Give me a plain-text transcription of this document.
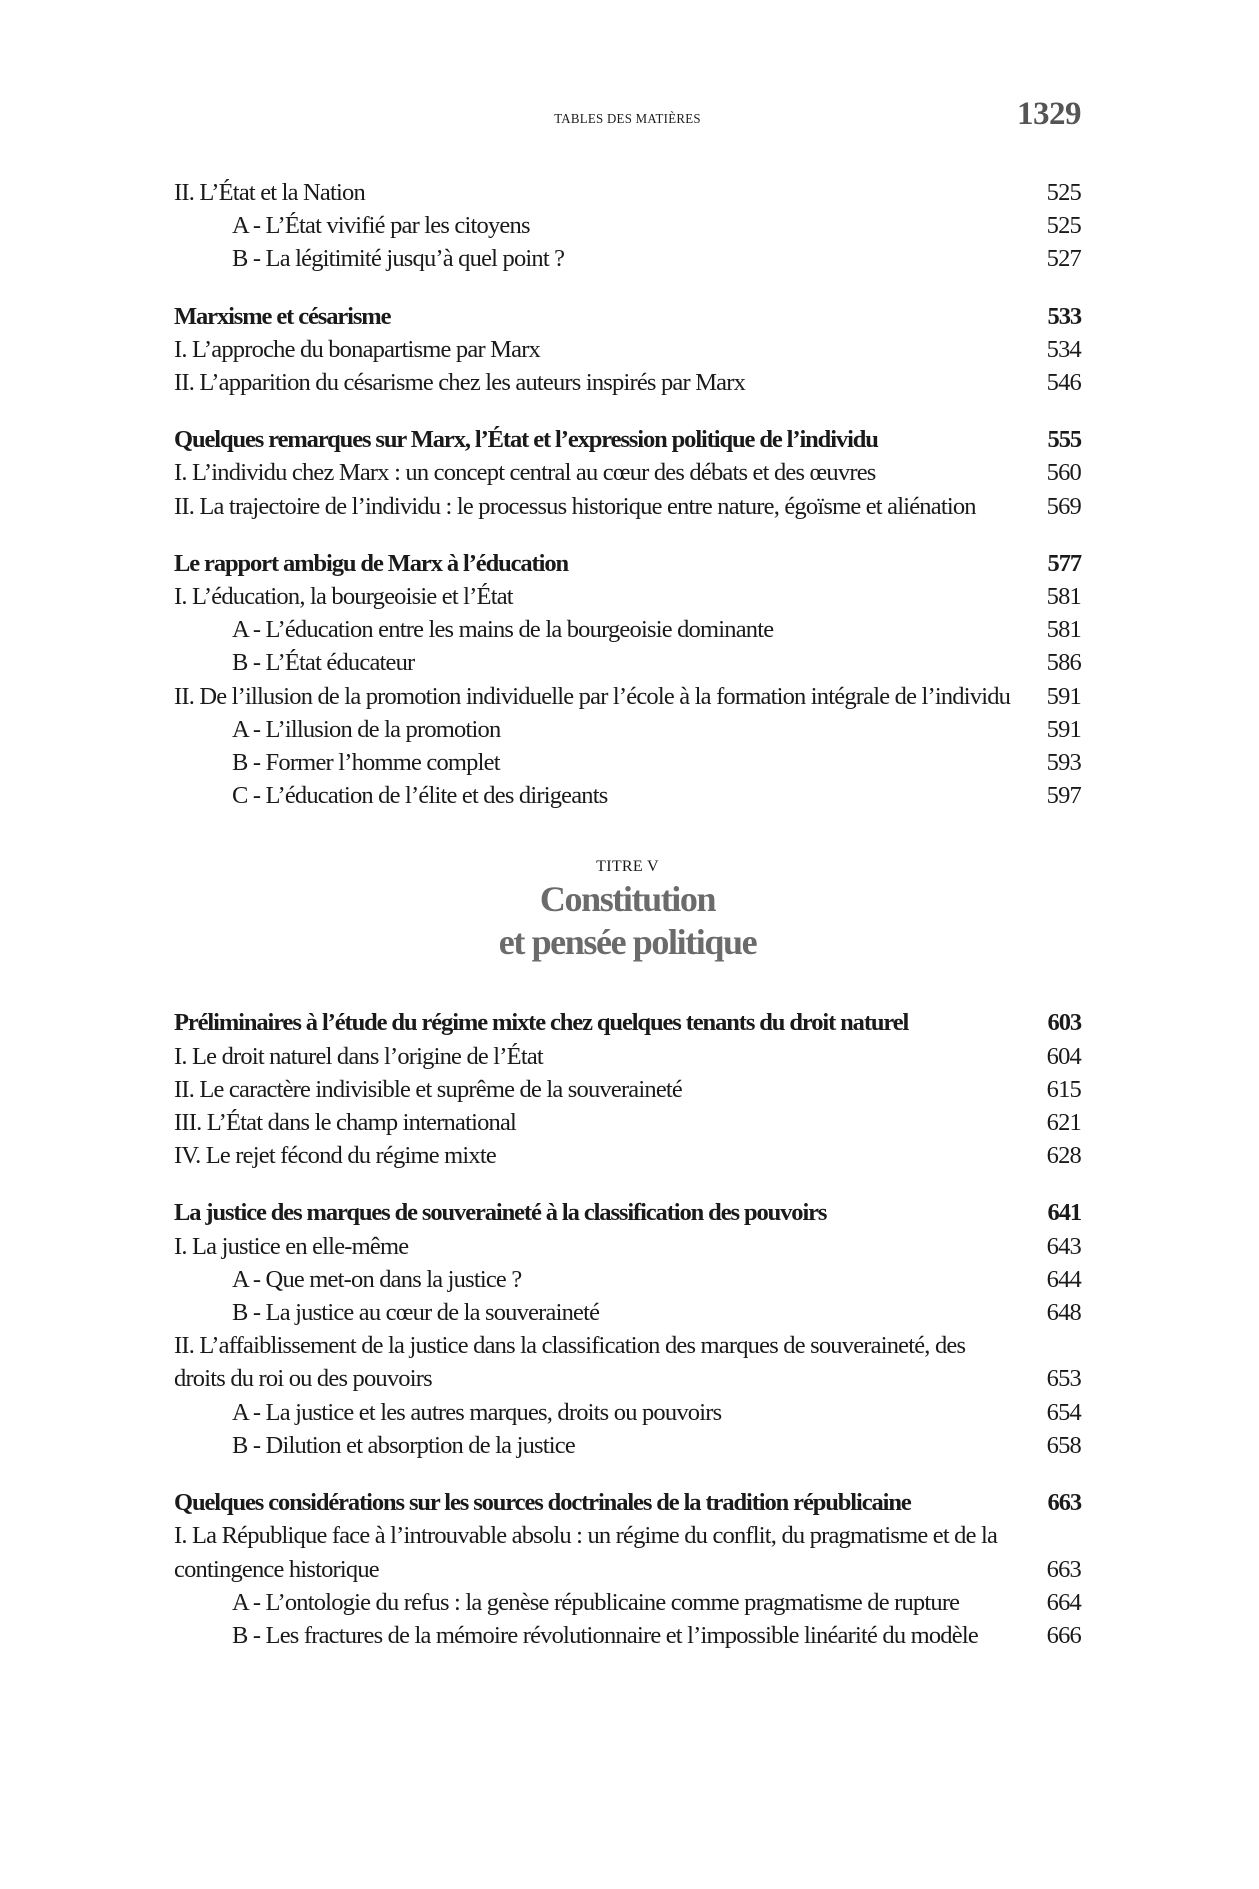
TABLES DES MATIÈRES	1329
II. L’État et la Nation	525
A - L’État vivifié par les citoyens	525
B - La légitimité jusqu’à quel point ?	527
Marxisme et césarisme	533
I. L’approche du bonapartisme par Marx	534
II. L’apparition du césarisme chez les auteurs inspirés par Marx	546
Quelques remarques sur Marx, l’État et l’expression politique de l’individu	555
I. L’individu chez Marx : un concept central au cœur des débats et des œuvres	560
II. La trajectoire de l’individu : le processus historique entre nature, égoïsme et aliénation	569
Le rapport ambigu de Marx à l’éducation	577
I. L’éducation, la bourgeoisie et l’État	581
A - L’éducation entre les mains de la bourgeoisie dominante	581
B - L’État éducateur	586
II. De l’illusion de la promotion individuelle par l’école à la formation intégrale de l’individu	591
A - L’illusion de la promotion	591
B - Former l’homme complet	593
C - L’éducation de l’élite et des dirigeants	597
TITRE V
Constitution
et pensée politique
Préliminaires à l’étude du régime mixte chez quelques tenants du droit naturel	603
I. Le droit naturel dans l’origine de l’État	604
II. Le caractère indivisible et suprême de la souveraineté	615
III. L’État dans le champ international	621
IV. Le rejet fécond du régime mixte	628
La justice des marques de souveraineté à la classification des pouvoirs	641
I. La justice en elle-même	643
A - Que met-on dans la justice ?	644
B - La justice au cœur de la souveraineté	648
II. L’affaiblissement de la justice dans la classification des marques de souveraineté, des droits du roi ou des pouvoirs	653
A - La justice et les autres marques, droits ou pouvoirs	654
B - Dilution et absorption de la justice	658
Quelques considérations sur les sources doctrinales de la tradition républicaine	663
I. La République face à l’introuvable absolu : un régime du conflit, du pragmatisme et de la contingence historique	663
A - L’ontologie du refus : la genèse républicaine comme pragmatisme de rupture	664
B - Les fractures de la mémoire révolutionnaire et l’impossible linéarité du modèle	666
